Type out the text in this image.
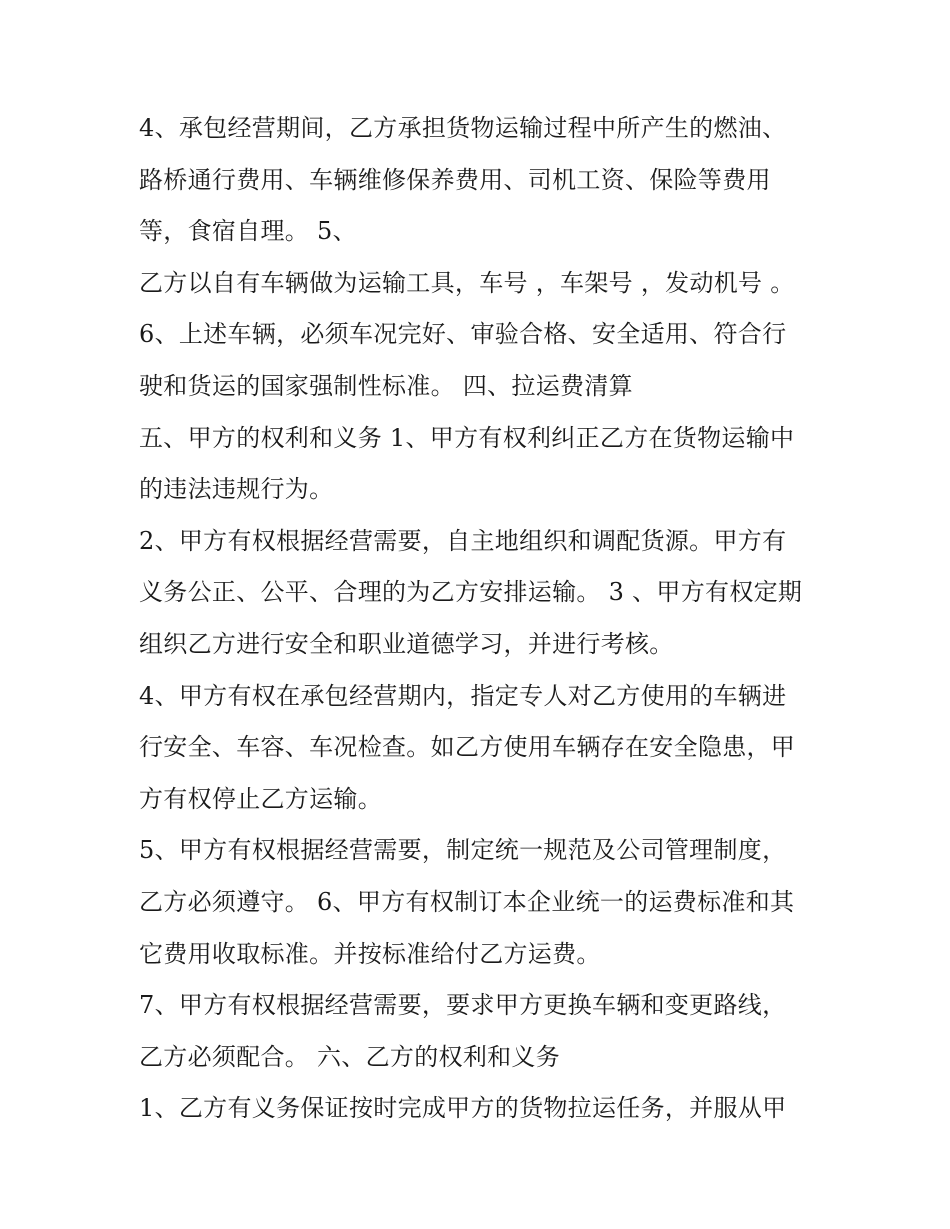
4、承包经营期间，乙方承担货物运输过程中所产生的燃油、
路桥通行费用、车辆维修保养费用、司机工资、保险等费用
等，食宿自理。 5、
乙方以自有车辆做为运输工具，车号 ，车架号 ，发动机号 。
6、上述车辆，必须车况完好、审验合格、安全适用、符合行
驶和货运的国家强制性标准。 四、拉运费清算
五、甲方的权利和义务 1、甲方有权利纠正乙方在货物运输中
的违法违规行为。
2、甲方有权根据经营需要，自主地组织和调配货源。甲方有
义务公正、公平、合理的为乙方安排运输。 3 、甲方有权定期
组织乙方进行安全和职业道德学习，并进行考核。
4、甲方有权在承包经营期内，指定专人对乙方使用的车辆进
行安全、车容、车况检查。如乙方使用车辆存在安全隐患，甲
方有权停止乙方运输。
5、甲方有权根据经营需要，制定统一规范及公司管理制度，
乙方必须遵守。 6、甲方有权制订本企业统一的运费标准和其
它费用收取标准。并按标准给付乙方运费。
7、甲方有权根据经营需要，要求甲方更换车辆和变更路线，
乙方必须配合。 六、乙方的权利和义务
1、乙方有义务保证按时完成甲方的货物拉运任务，并服从甲
